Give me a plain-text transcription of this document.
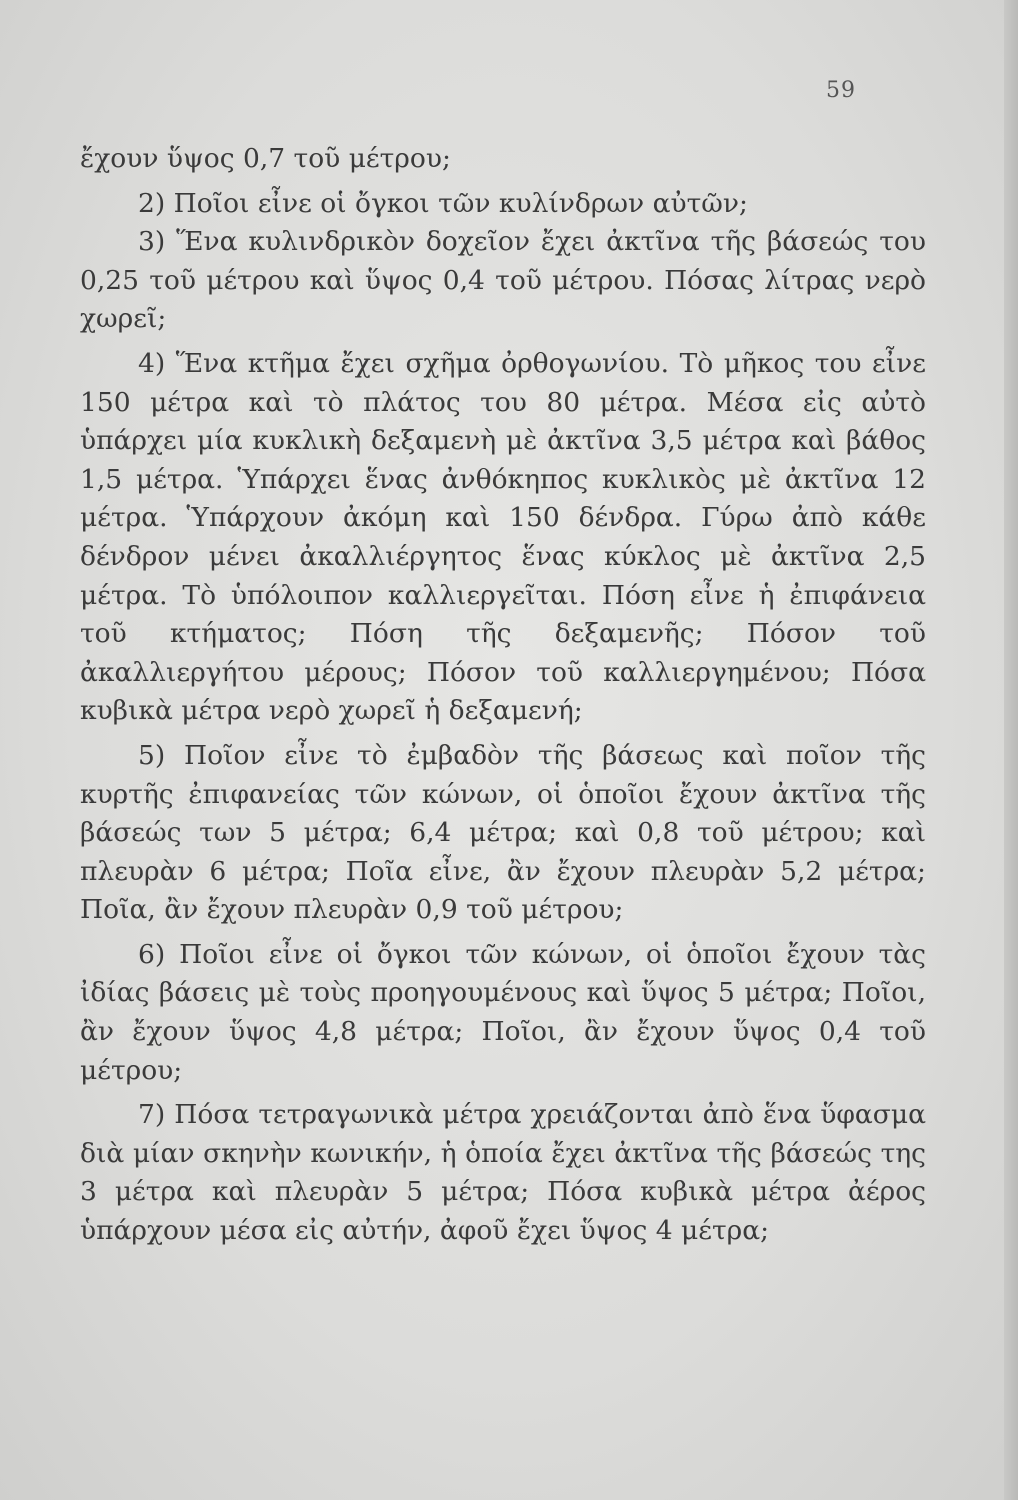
59

ἔχουν ὕψος 0,7 τοῦ μέτρου;

2) Ποῖοι εἶνε οἱ ὄγκοι τῶν κυλίνδρων αὐτῶν;

3) Ἕνα κυλινδρικὸν δοχεῖον ἔχει ἀκτῖνα τῆς βάσεώς του 0,25 τοῦ μέτρου καὶ ὕψος 0,4 τοῦ μέτρου. Πόσας λίτρας νερὸ χωρεῖ;

4) Ἕνα κτῆμα ἔχει σχῆμα ὀρθογωνίου. Τὸ μῆκος του εἶνε 150 μέτρα καὶ τὸ πλάτος του 80 μέτρα. Μέσα εἰς αὐτὸ ὑπάρχει μία κυκλικὴ δεξαμενὴ μὲ ἀκτῖνα 3,5 μέτρα καὶ βάθος 1,5 μέτρα. Ὑπάρχει ἕνας ἀνθόκηπος κυκλικὸς μὲ ἀκτῖνα 12 μέτρα. Ὑπάρχουν ἀκόμη καὶ 150 δένδρα. Γύρω ἀπὸ κάθε δένδρον μένει ἀκαλλιέργητος ἕνας κύκλος μὲ ἀκτῖνα 2,5 μέτρα. Τὸ ὑπόλοιπον καλλιεργεῖται. Πόση εἶνε ἡ ἐπιφάνεια τοῦ κτήματος; Πόση τῆς δεξαμενῆς; Πόσον τοῦ ἀκαλλιεργήτου μέρους; Πόσον τοῦ καλλιεργημένου; Πόσα κυβικὰ μέτρα νερὸ χωρεῖ ἡ δεξαμενή;

5) Ποῖον εἶνε τὸ ἐμβαδὸν τῆς βάσεως καὶ ποῖον τῆς κυρτῆς ἐπιφανείας τῶν κώνων, οἱ ὁποῖοι ἔχουν ἀκτῖνα τῆς βάσεώς των 5 μέτρα; 6,4 μέτρα; καὶ 0,8 τοῦ μέτρου; καὶ πλευρὰν 6 μέτρα; Ποῖα εἶνε, ἂν ἔχουν πλευρὰν 5,2 μέτρα; Ποῖα, ἂν ἔχουν πλευρὰν 0,9 τοῦ μέτρου;

6) Ποῖοι εἶνε οἱ ὄγκοι τῶν κώνων, οἱ ὁποῖοι ἔχουν τὰς ἰδίας βάσεις μὲ τοὺς προηγουμένους καὶ ὕψος 5 μέτρα; Ποῖοι, ἂν ἔχουν ὕψος 4,8 μέτρα; Ποῖοι, ἂν ἔχουν ὕψος 0,4 τοῦ μέτρου;

7) Πόσα τετραγωνικὰ μέτρα χρειάζονται ἀπὸ ἕνα ὕφασμα διὰ μίαν σκηνὴν κωνικήν, ἡ ὁποία ἔχει ἀκτῖνα τῆς βάσεώς της 3 μέτρα καὶ πλευρὰν 5 μέτρα; Πόσα κυβικὰ μέτρα ἀέρος ὑπάρχουν μέσα εἰς αὐτήν, ἀφοῦ ἔχει ὕψος 4 μέτρα;
